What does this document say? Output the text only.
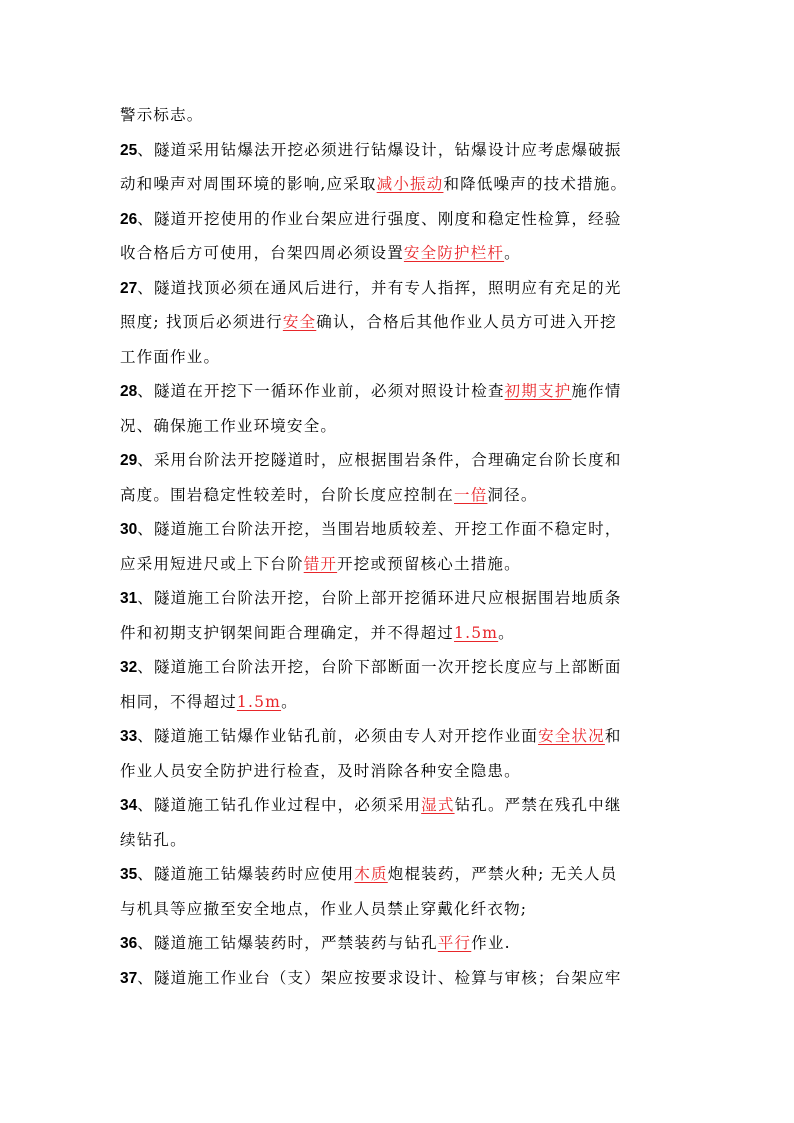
警示标志。
25、隧道采用钻爆法开挖必须进行钻爆设计，钻爆设计应考虑爆破振
动和噪声对周围环境的影响,应采取减小振动和降低噪声的技术措施。
26、隧道开挖使用的作业台架应进行强度、刚度和稳定性检算，经验
收合格后方可使用，台架四周必须设置安全防护栏杆。
27、隧道找顶必须在通风后进行，并有专人指挥，照明应有充足的光
照度; 找顶后必须进行安全确认，合格后其他作业人员方可进入开挖
工作面作业。
28、隧道在开挖下一循环作业前，必须对照设计检查初期支护施作情
况、确保施工作业环境安全。
29、采用台阶法开挖隧道时，应根据围岩条件，合理确定台阶长度和
高度。围岩稳定性较差时，台阶长度应控制在一倍洞径。
30、隧道施工台阶法开挖，当围岩地质较差、开挖工作面不稳定时，
应采用短进尺或上下台阶错开开挖或预留核心土措施。
31、隧道施工台阶法开挖，台阶上部开挖循环进尺应根据围岩地质条
件和初期支护钢架间距合理确定，并不得超过1.5m。
32、隧道施工台阶法开挖，台阶下部断面一次开挖长度应与上部断面
相同，不得超过1.5m。
33、隧道施工钻爆作业钻孔前，必须由专人对开挖作业面安全状况和
作业人员安全防护进行检查，及时消除各种安全隐患。
34、隧道施工钻孔作业过程中，必须采用湿式钻孔。严禁在残孔中继
续钻孔。
35、隧道施工钻爆装药时应使用木质炮棍装药，严禁火种; 无关人员
与机具等应撤至安全地点，作业人员禁止穿戴化纤衣物;
36、隧道施工钻爆装药时，严禁装药与钻孔平行作业.
37、隧道施工作业台（支）架应按要求设计、检算与审核；台架应牢
